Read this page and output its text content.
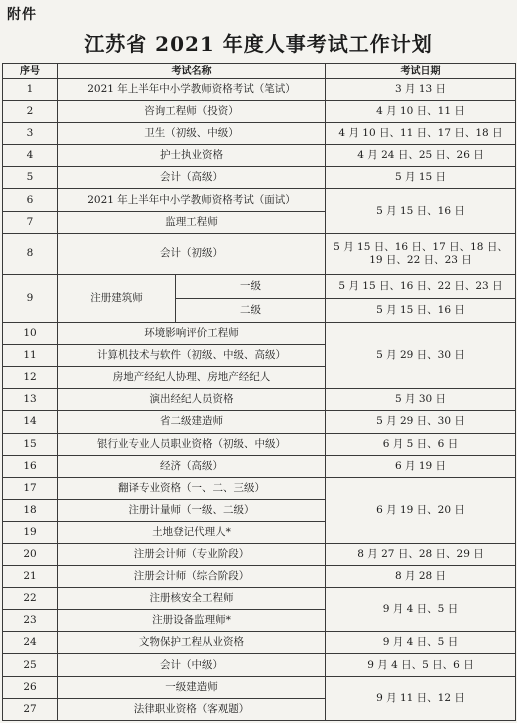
附件
江苏省 2021 年度人事考试工作计划
序号	考试名称		考试日期
1	2021 年上半年中小学教师资格考试（笔试）		3 月 13 日
2	咨询工程师（投资）		4 月 10 日、11 日
3	卫生（初级、中级）		4 月 10 日、11 日、17 日、18 日
4	护士执业资格		4 月 24 日、25 日、26 日
5	会计（高级）		5 月 15 日
6	2021 年上半年中小学教师资格考试（面试）		5 月 15 日、16 日
7	监理工程师		
8	会计（初级）		5 月 15 日、16 日、17 日、18 日、19 日、22 日、23 日
9	注册建筑师	一级	5 月 15 日、16 日、22 日、23 日
		二级	5 月 15 日、16 日
10	环境影响评价工程师		5 月 29 日、30 日
11	计算机技术与软件（初级、中级、高级）		
12	房地产经纪人协理、房地产经纪人		
13	演出经纪人员资格		5 月 30 日
14	省二级建造师		5 月 29 日、30 日
15	银行业专业人员职业资格（初级、中级）		6 月 5 日、6 日
16	经济（高级）		6 月 19 日
17	翻译专业资格（一、二、三级）		6 月 19 日、20 日
18	注册计量师（一级、二级）		
19	土地登记代理人*		
20	注册会计师（专业阶段）		8 月 27 日、28 日、29 日
21	注册会计师（综合阶段）		8 月 28 日
22	注册核安全工程师		9 月 4 日、5 日
23	注册设备监理师*		
24	文物保护工程从业资格		9 月 4 日、5 日
25	会计（中级）		9 月 4 日、5 日、6 日
26	一级建造师		9 月 11 日、12 日
27	法律职业资格（客观题）		
